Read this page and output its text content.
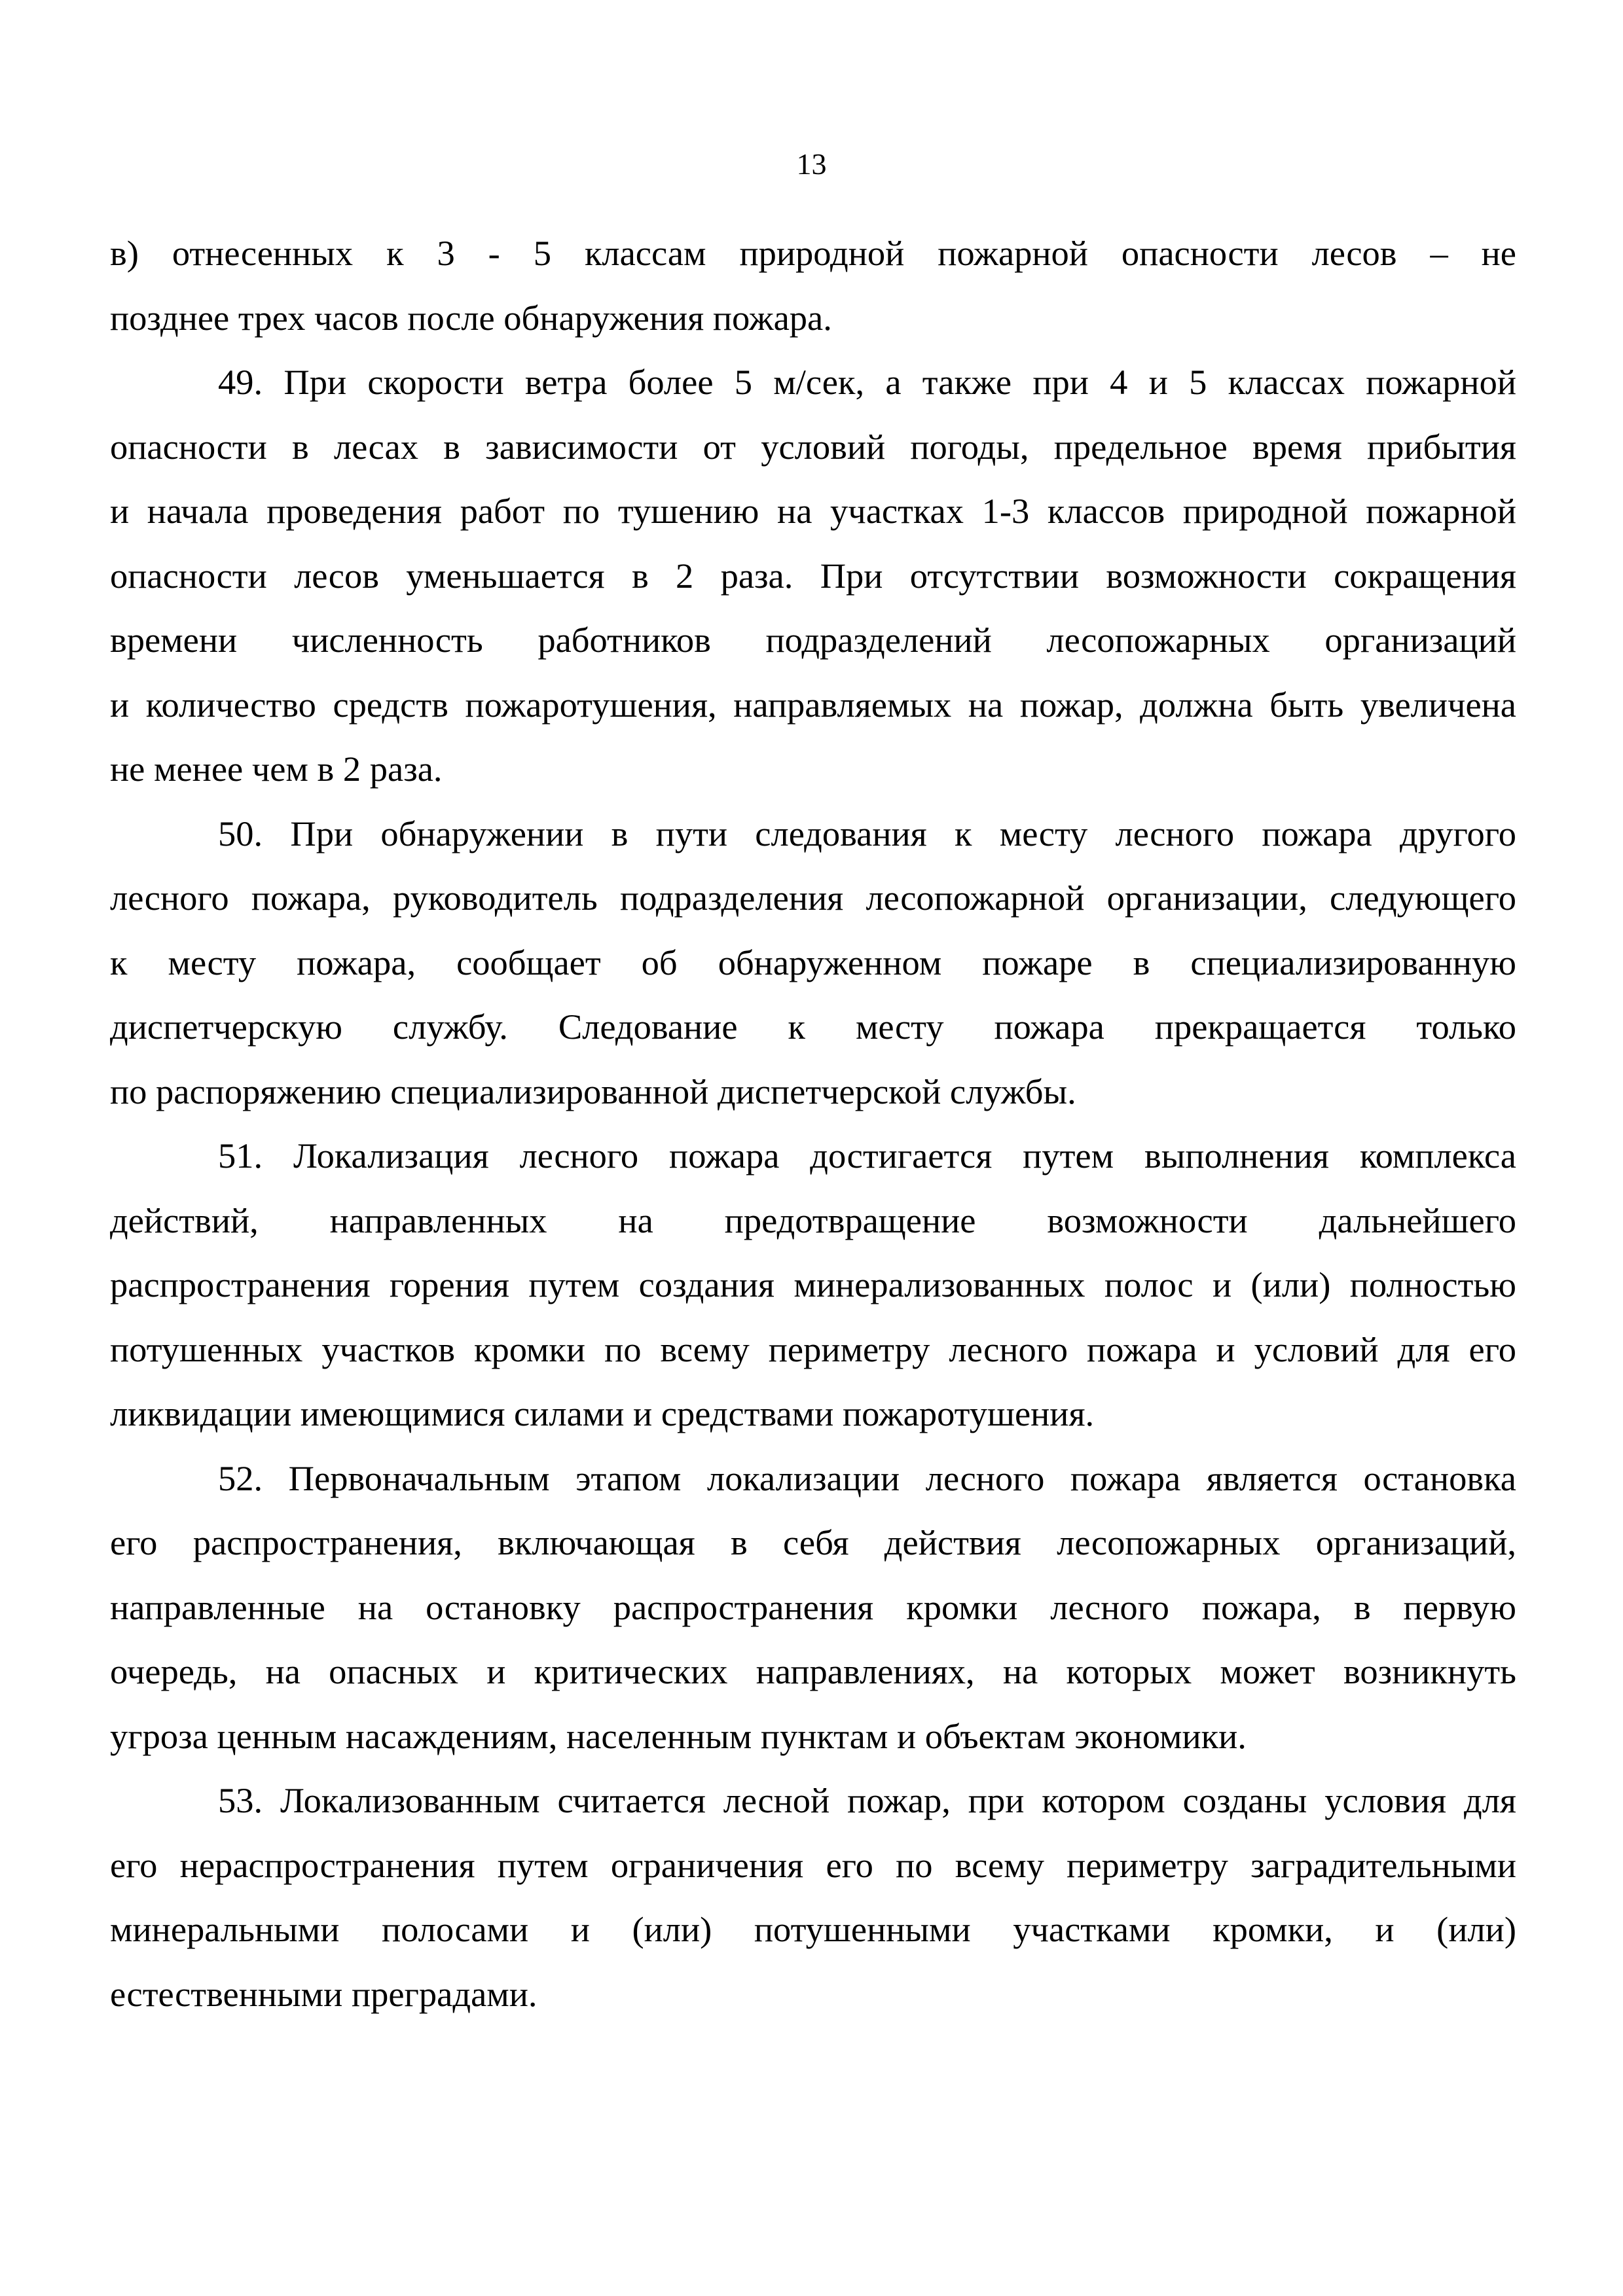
13
в) отнесенных к 3 - 5 классам природной пожарной опасности лесов – не
позднее трех часов после обнаружения пожара.
49. При скорости ветра более 5 м/сек, а также при 4 и 5 классах пожарной
опасности в лесах в зависимости от условий погоды, предельное время прибытия
и начала проведения работ по тушению на участках 1-3 классов природной пожарной
опасности лесов уменьшается в 2 раза. При отсутствии возможности сокращения
времени численность работников подразделений лесопожарных организаций
и количество средств пожаротушения, направляемых на пожар, должна быть увеличена
не менее чем в 2 раза.
50. При обнаружении в пути следования к месту лесного пожара другого
лесного пожара, руководитель подразделения лесопожарной организации, следующего
к месту пожара, сообщает об обнаруженном пожаре в специализированную
диспетчерскую службу. Следование к месту пожара прекращается только
по распоряжению специализированной диспетчерской службы.
51. Локализация лесного пожара достигается путем выполнения комплекса
действий, направленных на предотвращение возможности дальнейшего
распространения горения путем создания минерализованных полос и (или) полностью
потушенных участков кромки по всему периметру лесного пожара и условий для его
ликвидации имеющимися силами и средствами пожаротушения.
52. Первоначальным этапом локализации лесного пожара является остановка
его распространения, включающая в себя действия лесопожарных организаций,
направленные на остановку распространения кромки лесного пожара, в первую
очередь, на опасных и критических направлениях, на которых может возникнуть
угроза ценным насаждениям, населенным пунктам и объектам экономики.
53. Локализованным считается лесной пожар, при котором созданы условия для
его нераспространения путем ограничения его по всему периметру заградительными
минеральными полосами и (или) потушенными участками кромки, и (или)
естественными преградами.
